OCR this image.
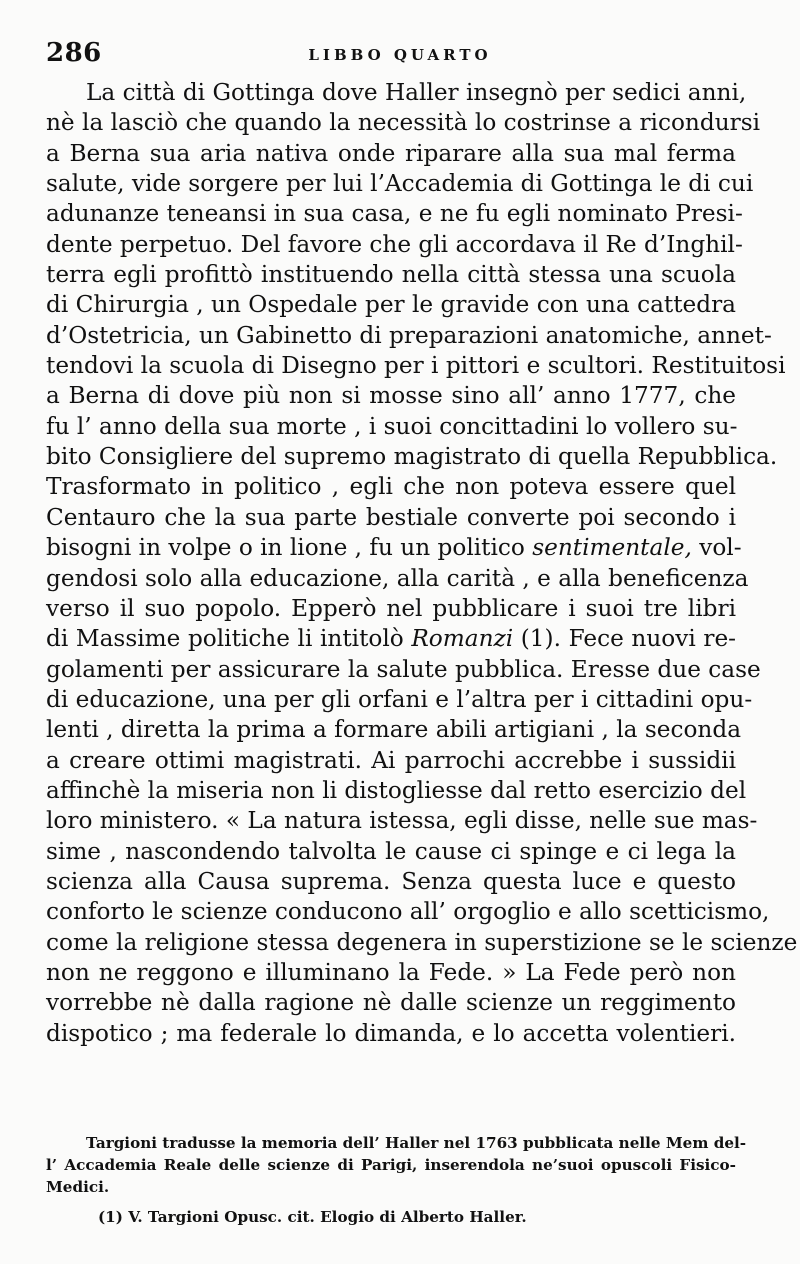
286	LIBBO QUARTO
La città di Gottinga dove Haller insegnò per sedici anni,
nè la lasciò che quando la necessità lo costrinse a ricondursi
a Berna sua aria nativa onde riparare alla sua mal ferma
salute, vide sorgere per lui l’Accademia di Gottinga le di cui
adunanze teneansi in sua casa, e ne fu egli nominato Presi-
dente perpetuo. Del favore che gli accordava il Re d’Inghil-
terra egli profittò instituendo nella città stessa una scuola
di Chirurgia , un Ospedale per le gravide con una cattedra
d’Ostetricia, un Gabinetto di preparazioni anatomiche, annet-
tendovi la scuola di Disegno per i pittori e scultori. Restituitosi
a Berna di dove più non si mosse sino all’ anno 1777, che
fu l’ anno della sua morte , i suoi concittadini lo vollero su-
bito Consigliere del supremo magistrato di quella Repubblica.
Trasformato in politico , egli che non poteva essere quel
Centauro che la sua parte bestiale converte poi secondo i
bisogni in volpe o in lione , fu un politico sentimentale, vol-
gendosi solo alla educazione, alla carità , e alla beneficenza
verso il suo popolo. Epperò nel pubblicare i suoi tre libri
di Massime politiche li intitolò Romanzi (1). Fece nuovi re-
golamenti per assicurare la salute pubblica. Eresse due case
di educazione, una per gli orfani e l’altra per i cittadini opu-
lenti , diretta la prima a formare abili artigiani , la seconda
a creare ottimi magistrati. Ai parrochi accrebbe i sussidii
affinchè la miseria non li distogliesse dal retto esercizio del
loro ministero. « La natura istessa, egli disse, nelle sue mas-
sime , nascondendo talvolta le cause ci spinge e ci lega la
scienza alla Causa suprema. Senza questa luce e questo
conforto le scienze conducono all’ orgoglio e allo scetticismo,
come la religione stessa degenera in superstizione se le scienze
non ne reggono e illuminano la Fede. » La Fede però non
vorrebbe nè dalla ragione nè dalle scienze un reggimento
dispotico ; ma federale lo dimanda, e lo accetta volentieri.
Targioni tradusse la memoria dell’ Haller nel 1763 pubblicata nelle Mem del-
l’ Accademia Reale delle scienze di Parigi, inserendola ne’suoi opuscoli Fisico-
Medici.
(1) V. Targioni Opusc. cit. Elogio di Alberto Haller.
